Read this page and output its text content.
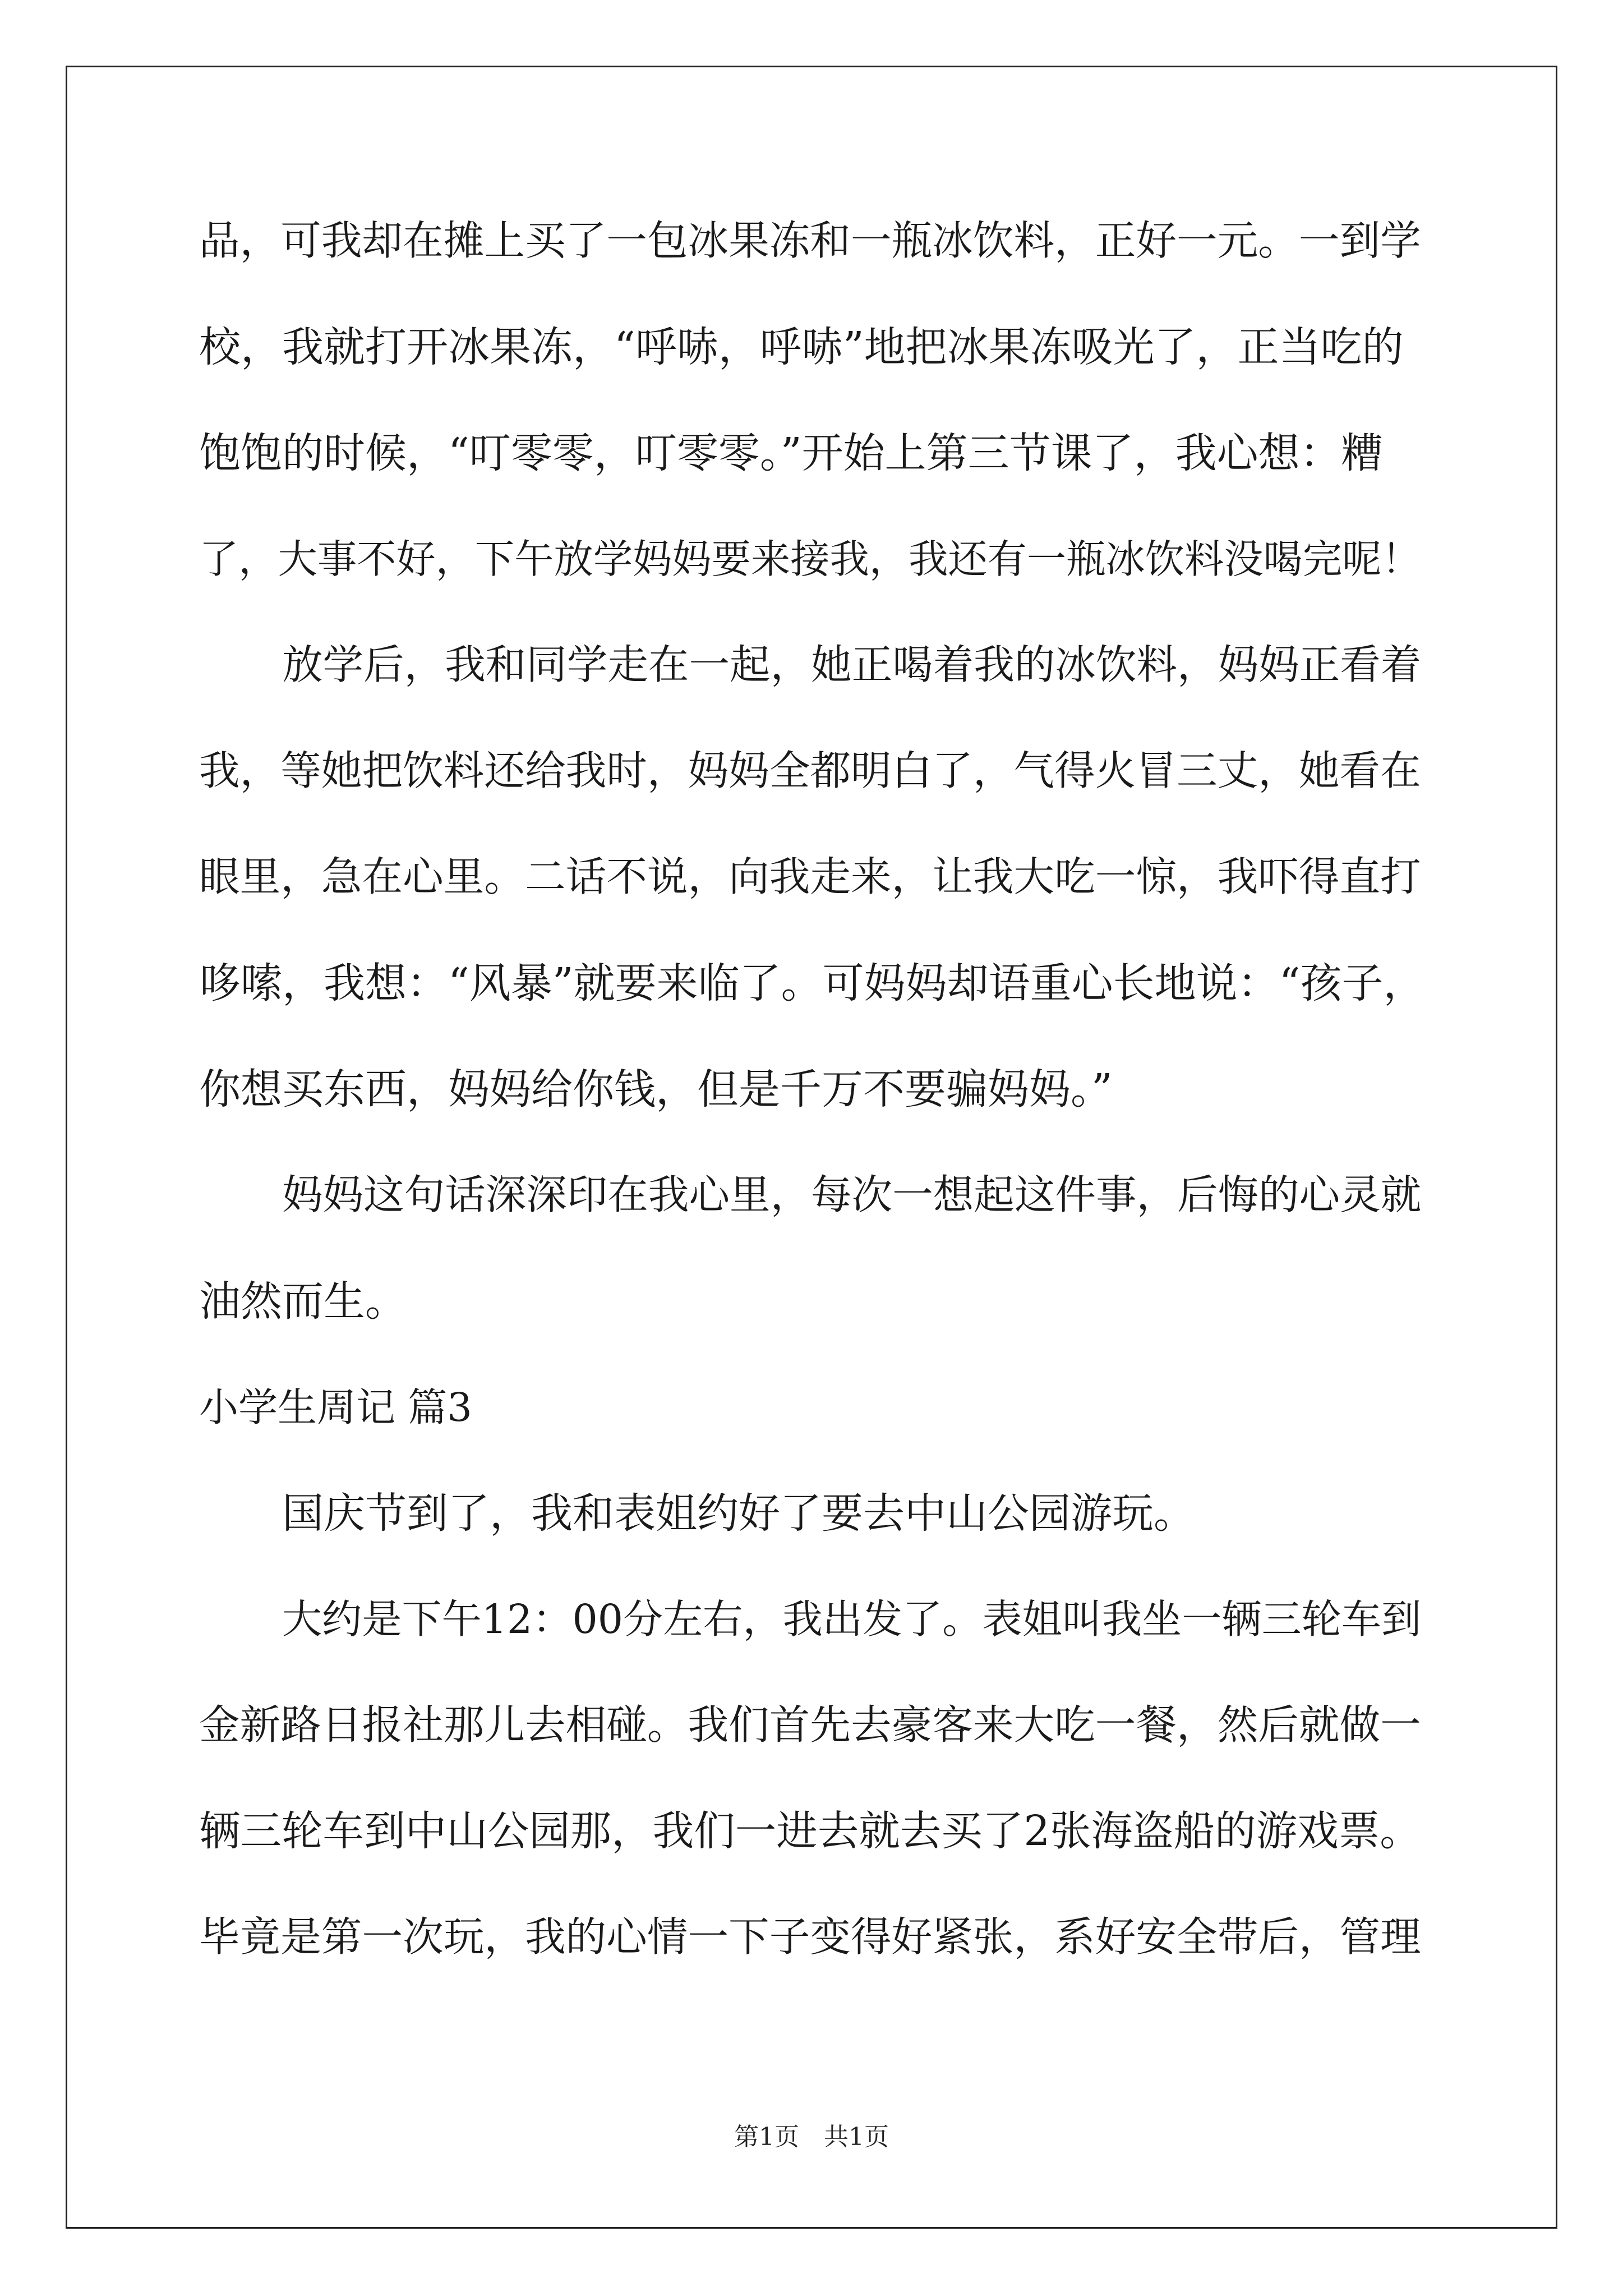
品，可我却在摊上买了一包冰果冻和一瓶冰饮料，正好一元。一到学
校，我就打开冰果冻，“呼哧，呼哧”地把冰果冻吸光了，正当吃的
饱饱的时候，“叮零零，叮零零。”开始上第三节课了，我心想：糟
了，大事不好，下午放学妈妈要来接我，我还有一瓶冰饮料没喝完呢！
放学后，我和同学走在一起，她正喝着我的冰饮料，妈妈正看着
我，等她把饮料还给我时，妈妈全都明白了，气得火冒三丈，她看在
眼里，急在心里。二话不说，向我走来，让我大吃一惊，我吓得直打
哆嗦，我想：“风暴”就要来临了。可妈妈却语重心长地说：“孩子，
你想买东西，妈妈给你钱，但是千万不要骗妈妈。”
妈妈这句话深深印在我心里，每次一想起这件事，后悔的心灵就
油然而生。
小学生周记 篇3
国庆节到了，我和表姐约好了要去中山公园游玩。
大约是下午12：00分左右，我出发了。表姐叫我坐一辆三轮车到
金新路日报社那儿去相碰。我们首先去豪客来大吃一餐，然后就做一
辆三轮车到中山公园那，我们一进去就去买了2张海盗船的游戏票。
毕竟是第一次玩，我的心情一下子变得好紧张，系好安全带后，管理
第1页　共1页
